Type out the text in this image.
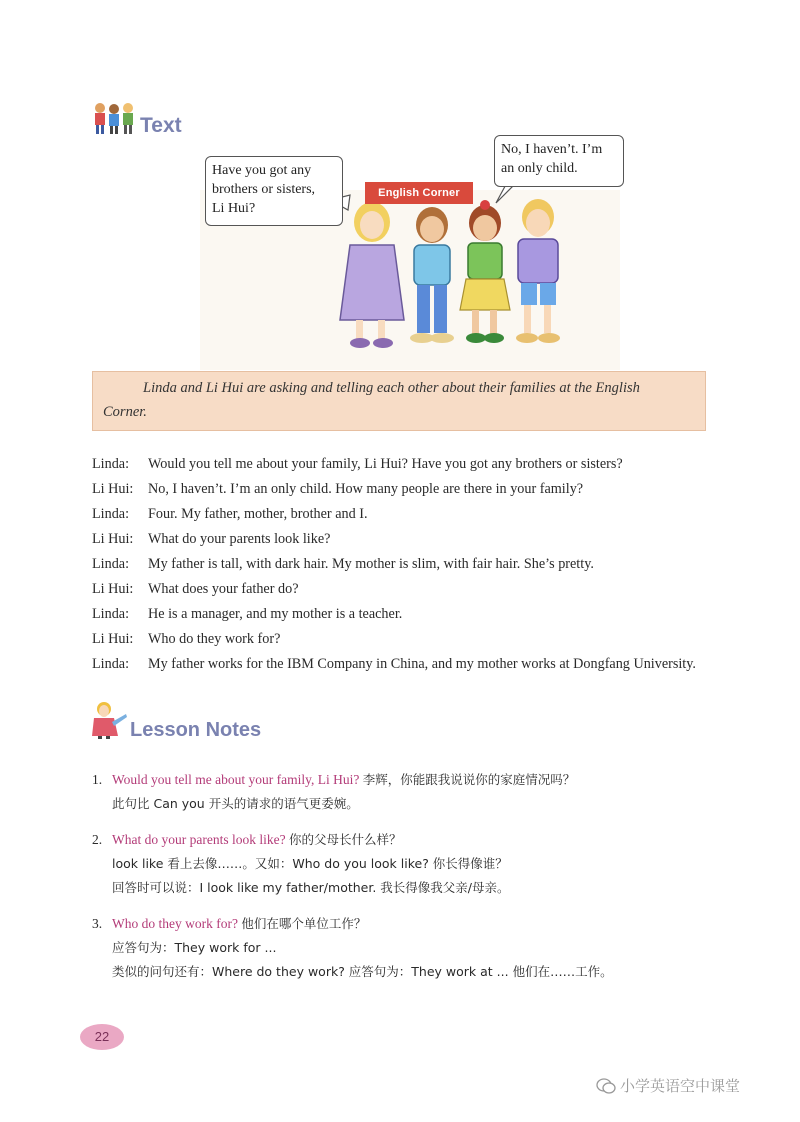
Text
Have you got any
brothers or sisters,
Li Hui?
No, I haven’t. I’m
an only child.
English Corner
Linda and Li Hui are asking and telling each other about their families at the English
Corner.
Linda:	Would you tell me about your family, Li Hui? Have you got any brothers or sisters?
Li Hui:	No, I haven’t. I’m an only child. How many people are there in your family?
Linda:	Four. My father, mother, brother and I.
Li Hui:	What do your parents look like?
Linda:	My father is tall, with dark hair. My mother is slim, with fair hair. She’s pretty.
Li Hui:	What does your father do?
Linda:	He is a manager, and my mother is a teacher.
Li Hui:	Who do they work for?
Linda:	My father works for the IBM Company in China, and my mother works at Dongfang University.
Lesson Notes
1. Would you tell me about your family, Li Hui?
李辉，你能跟我说说你的家庭情况吗？
此句比 Can you 开头的请求的语气更委婉。
2. What do your parents look like?
你的父母长什么样？
look like 看上去像……。又如：Who do you look like? 你长得像谁？
回答时可以说：I look like my father/mother. 我长得像我父亲/母亲。
3. Who do they work for?
他们在哪个单位工作？
应答句为：They work for ...
类似的问句还有：Where do they work? 应答句为：They work at ... 他们在……工作。
22
小学英语空中课堂
